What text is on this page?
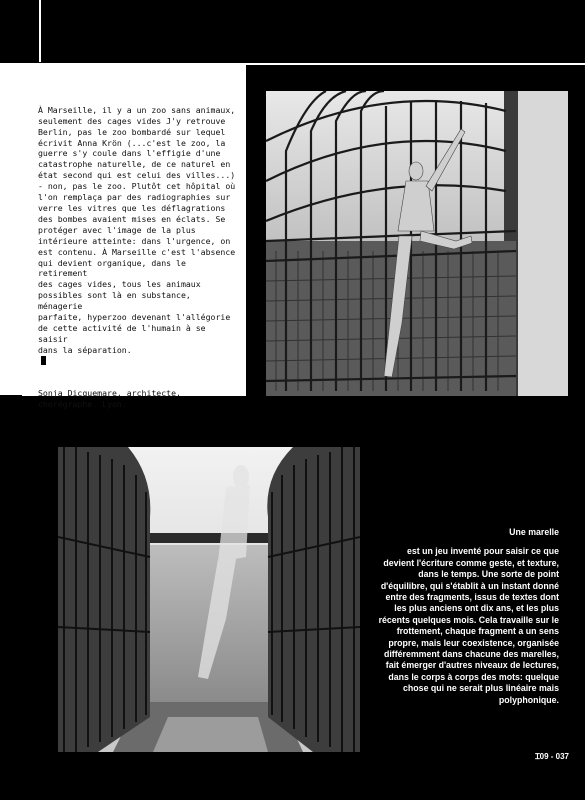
À Marseille, il y a un zoo sans animaux,
seulement des cages vides J'y retrouve
Berlin, pas le zoo bombardé sur lequel
écrivit Anna Krön (...c'est le zoo, la
guerre s'y coule dans l'effigie d'une
catastrophe naturelle, de ce naturel en
état second qui est celui des villes...)
- non, pas le zoo. Plutôt cet hôpital où
l'on remplaça par des radiographies sur
verre les vitres que les déflagrations
des bombes avaient mises en éclats. Se
protéger avec l'image de la plus
intérieure atteinte: dans l'urgence, on
est contenu. À Marseille c'est l'absence
qui devient organique, dans le retirement
des cages vides, tous les animaux
possibles sont là en substance, ménagerie
parfaite, hyperzoo devenant l'allégorie
de cette activité de l'humain à se saisir
dans la séparation.

Sonja Dicquemare, architecte,
chorégraphe. Lyon.

Une marelle
est un jeu inventé pour saisir ce que
devient l'écriture comme geste, et texture,
dans le temps. Une sorte de point
d'équilibre, qui s'établit à un instant donné
entre des fragments, issus de textes dont
les plus anciens ont dix ans, et les plus
récents quelques mois. Cela travaille sur le
frottement, chaque fragment a un sens
propre, mais leur coexistence, organisée
différemment dans chacune des marelles,
fait émerger d'autres niveaux de lectures,
dans le corps à corps des mots: quelque
chose qui ne serait plus linéaire mais
polyphonique.
Ɪ09 - 037
